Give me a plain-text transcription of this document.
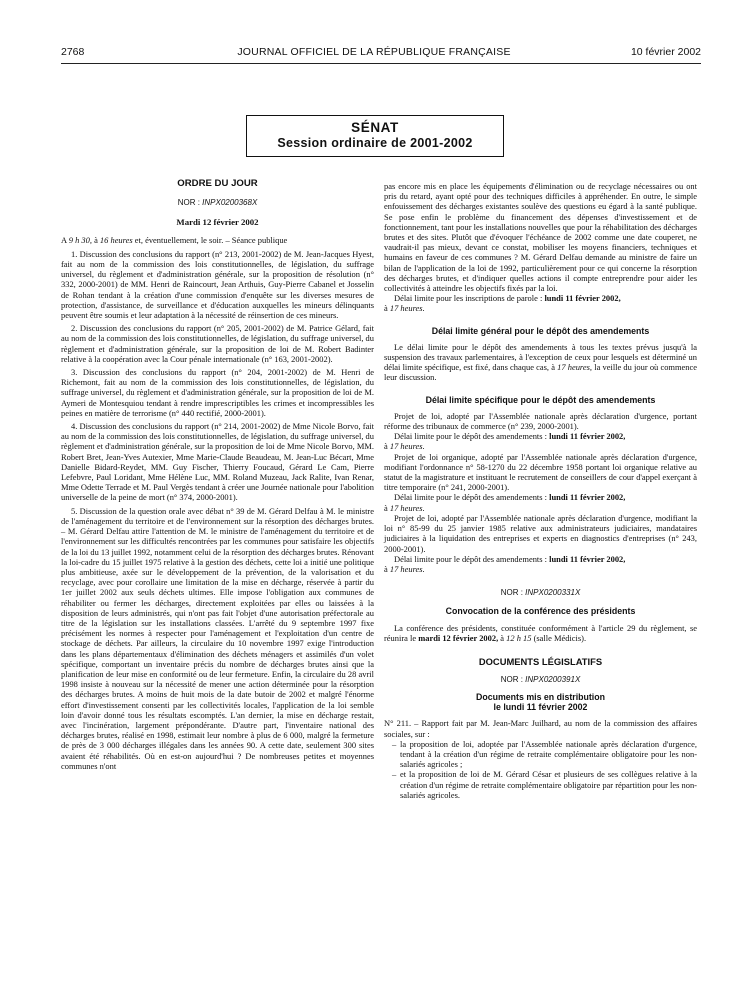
2768	JOURNAL OFFICIEL DE LA RÉPUBLIQUE FRANÇAISE	10 février 2002
SÉNAT
Session ordinaire de 2001-2002
ORDRE DU JOUR
NOR : INPX0200368X
Mardi 12 février 2002

A 9 h 30, à 16 heures et, éventuellement, le soir. – Séance publique

1. Discussion des conclusions du rapport (n° 213, 2001-2002) de M. Jean-Jacques Hyest, fait au nom de la commission des lois constitutionnelles, de législation, du suffrage universel, du règlement et d'administration générale, sur la proposition de résolution (n° 332, 2000-2001) de MM. Henri de Raincourt, Jean Arthuis, Guy-Pierre Cabanel et Josselin de Rohan tendant à la création d'une commission d'enquête sur les diverses mesures de protection, d'assistance, de surveillance et d'éducation auxquelles les mineurs délinquants peuvent être soumis et leur adaptation à la nécessité de réinsertion de ces mineurs.

2. Discussion des conclusions du rapport (n° 205, 2001-2002) de M. Patrice Gélard, fait au nom de la commission des lois constitutionnelles, de législation, du suffrage universel, du règlement et d'administration générale, sur la proposition de loi de M. Robert Badinter relative à la coopération avec la Cour pénale internationale (n° 163, 2001-2002).

3. Discussion des conclusions du rapport (n° 204, 2001-2002) de M. Henri de Richemont, fait au nom de la commission des lois constitutionnelles, de législation, du suffrage universel, du règlement et d'administration générale, sur la proposition de loi de M. Aymeri de Montesquiou tendant à rendre imprescriptibles les crimes et incompressibles les peines en matière de terrorisme (n° 440 rectifié, 2000-2001).

4. Discussion des conclusions du rapport (n° 214, 2001-2002) de Mme Nicole Borvo, fait au nom de la commission des lois constitutionnelles, de législation, du suffrage universel, du règlement et d'administration générale, sur la proposition de loi de Mme Nicole Borvo, MM. Robert Bret, Jean-Yves Autexier, Mme Marie-Claude Beaudeau, M. Jean-Luc Bécart, Mme Danielle Bidard-Reydet, MM. Guy Fischer, Thierry Foucaud, Gérard Le Cam, Pierre Lefebvre, Paul Loridant, Mme Hélène Luc, MM. Roland Muzeau, Jack Ralite, Ivan Renar, Mme Odette Terrade et M. Paul Vergès tendant à créer une Journée nationale pour l'abolition universelle de la peine de mort (n° 374, 2000-2001).

5. Discussion de la question orale avec débat n° 39 de M. Gérard Delfau à M. le ministre de l'aménagement du territoire et de l'environnement sur la résorption des décharges brutes. – M. Gérard Delfau attire l'attention de M. le ministre de l'aménagement du territoire et de l'environnement sur les difficultés rencontrées par les communes pour satisfaire les objectifs de la loi du 13 juillet 1992, notamment celui de la résorption des décharges brutes. Rénovant la loi-cadre du 15 juillet 1975 relative à la gestion des déchets, cette loi a initié une politique plus ambitieuse, axée sur le développement de la prévention, de la valorisation et du recyclage, avec pour corollaire une limitation de la mise en décharge, réservée à partir du 1er juillet 2002 aux seuls déchets ultimes. Elle impose l'obligation aux communes de réhabiliter ou fermer les décharges, directement exploitées par elles ou laissées à la disposition de leurs administrés, qui n'ont pas fait l'objet d'une autorisation préfectorale au titre de la législation sur les installations classées. L'arrêté du 9 septembre 1997 fixe précisément les normes à respecter pour l'aménagement et l'exploitation d'un centre de stockage de déchets. Par ailleurs, la circulaire du 10 novembre 1997 exige l'introduction dans les plans départementaux d'élimination des déchets ménagers et assimilés d'un volet spécifique, comportant un inventaire précis du nombre de décharges brutes ainsi que la planification de leur mise en conformité ou de leur fermeture. Enfin, la circulaire du 28 avril 1998 insiste à nouveau sur la nécessité de mener une action déterminée pour la résorption des décharges brutes. A moins de huit mois de la date butoir de 2002 et malgré l'énorme effort d'investissement consenti par les collectivités locales, l'application de la loi semble loin d'avoir donné tous les résultats escomptés. L'an dernier, la mise en décharge restait, avec l'incinération, largement prépondérante. D'autre part, l'inventaire national des décharges brutes, réalisé en 1998, estimait leur nombre à plus de 6 000, malgré la fermeture de près de 3 000 décharges illégales dans les années 90. A cette date, seulement 300 sites avaient été réhabilités. Où en est-on aujourd'hui ? De nombreuses petites et moyennes communes n'ont

pas encore mis en place les équipements d'élimination ou de recyclage nécessaires ou ont pris du retard, ayant opté pour des techniques difficiles à appréhender. En outre, le simple enfouissement des décharges existantes soulève des questions eu égard à la santé publique. Se pose enfin le problème du financement des dépenses d'investissement et de fonctionnement, tant pour les installations nouvelles que pour la réhabilitation des décharges brutes et des sites. Plutôt que d'évoquer l'échéance de 2002 comme une date couperet, ne vaudrait-il pas mieux, devant ce constat, mobiliser les moyens financiers, techniques et humains en faveur de ces communes ? M. Gérard Delfau demande au ministre de faire un bilan de l'application de la loi de 1992, particulièrement pour ce qui concerne la résorption des décharges brutes, et d'indiquer quelles actions il compte entreprendre pour aider les collectivités à atteindre les objectifs fixés par la loi.

Délai limite pour les inscriptions de parole : lundi 11 février 2002,
à 17 heures.

Délai limite général pour le dépôt des amendements

Le délai limite pour le dépôt des amendements à tous les textes prévus jusqu'à la suspension des travaux parlementaires, à l'exception de ceux pour lesquels est déterminé un délai limite spécifique, est fixé, dans chaque cas, à 17 heures, la veille du jour où commence leur discussion.

Délai limite spécifique pour le dépôt des amendements

Projet de loi, adopté par l'Assemblée nationale après déclaration d'urgence, portant réforme des tribunaux de commerce (n° 239, 2000-2001).

Délai limite pour le dépôt des amendements : lundi 11 février 2002,
à 17 heures.

Projet de loi organique, adopté par l'Assemblée nationale après déclaration d'urgence, modifiant l'ordonnance n° 58-1270 du 22 décembre 1958 portant loi organique relative au statut de la magistrature et instituant le recrutement de conseillers de cour d'appel exerçant à titre temporaire (n° 241, 2000-2001).

Délai limite pour le dépôt des amendements : lundi 11 février 2002,
à 17 heures.

Projet de loi, adopté par l'Assemblée nationale après déclaration d'urgence, modifiant la loi n° 85-99 du 25 janvier 1985 relative aux administrateurs judiciaires, mandataires judiciaires à la liquidation des entreprises et experts en diagnostics d'entreprises (n° 243, 2000-2001).

Délai limite pour le dépôt des amendements : lundi 11 février 2002,
à 17 heures.

NOR : INPX0200331X
Convocation de la conférence des présidents

La conférence des présidents, constituée conformément à l'article 29 du règlement, se réunira le mardi 12 février 2002, à 12 h 15 (salle Médicis).

DOCUMENTS LÉGISLATIFS
NOR : INPX0200391X
Documents mis en distribution
le lundi 11 février 2002

N° 211. – Rapport fait par M. Jean-Marc Juilhard, au nom de la commission des affaires sociales, sur :

– la proposition de loi, adoptée par l'Assemblée nationale après déclaration d'urgence, tendant à la création d'un régime de retraite complémentaire obligatoire pour les non-salariés agricoles ;
– et la proposition de loi de M. Gérard César et plusieurs de ses collègues relative à la création d'un régime de retraite complémentaire obligatoire par répartition pour les non-salariés agricoles.
